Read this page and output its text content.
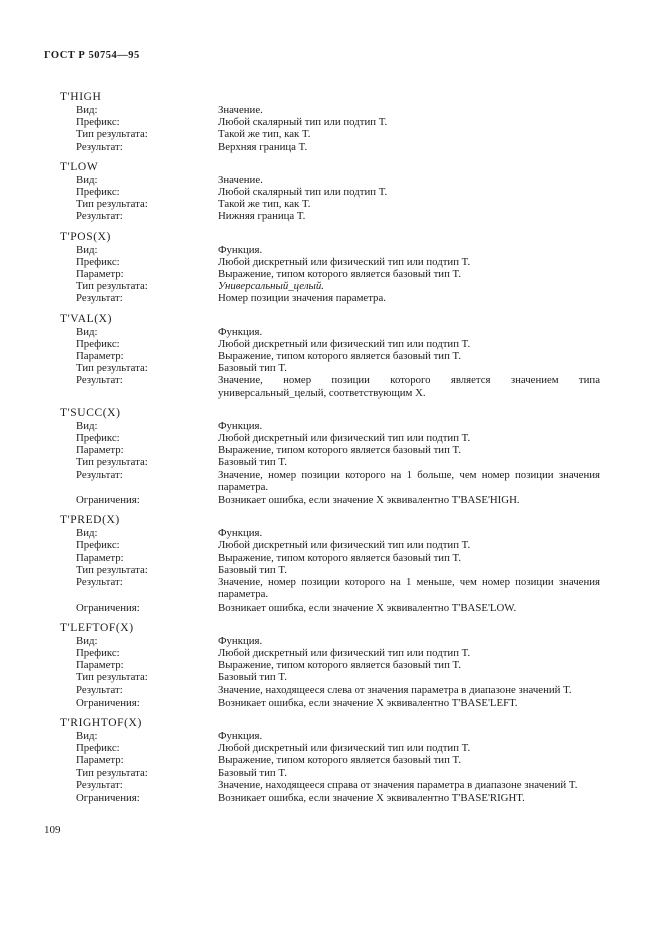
ГОСТ Р 50754—95
T'HIGH
Вид:	Значение.
Префикс:	Любой скалярный тип или подтип T.
Тип результата:	Такой же тип, как T.
Результат:	Верхняя граница T.
T'LOW
Вид:	Значение.
Префикс:	Любой скалярный тип или подтип T.
Тип результата:	Такой же тип, как T.
Результат:	Нижняя граница T.
T'POS(X)
Вид:	Функция.
Префикс:	Любой дискретный или физический тип или подтип T.
Параметр:	Выражение, типом которого является базовый тип T.
Тип результата:	Универсальный_целый.
Результат:	Номер позиции значения параметра.
T'VAL(X)
Вид:	Функция.
Префикс:	Любой дискретный или физический тип или подтип T.
Параметр:	Выражение, типом которого является базовый тип T.
Тип результата:	Базовый тип T.
Результат:	Значение, номер позиции которого является значением типа универсальный_целый, соответствующим X.
T'SUCC(X)
Вид:	Функция.
Префикс:	Любой дискретный или физический тип или подтип T.
Параметр:	Выражение, типом которого является базовый тип T.
Тип результата:	Базовый тип T.
Результат:	Значение, номер позиции которого на 1 больше, чем номер позиции значения параметра.
Ограничения:	Возникает ошибка, если значение X эквивалентно T'BASE'HIGH.
T'PRED(X)
Вид:	Функция.
Префикс:	Любой дискретный или физический тип или подтип T.
Параметр:	Выражение, типом которого является базовый тип T.
Тип результата:	Базовый тип T.
Результат:	Значение, номер позиции которого на 1 меньше, чем номер позиции значения параметра.
Ограничения:	Возникает ошибка, если значение X эквивалентно T'BASE'LOW.
T'LEFTOF(X)
Вид:	Функция.
Префикс:	Любой дискретный или физический тип или подтип T.
Параметр:	Выражение, типом которого является базовый тип T.
Тип результата:	Базовый тип T.
Результат:	Значение, находящееся слева от значения параметра в диапазоне значений T.
Ограничения:	Возникает ошибка, если значение X эквивалентно T'BASE'LEFT.
T'RIGHTOF(X)
Вид:	Функция.
Префикс:	Любой дискретный или физический тип или подтип T.
Параметр:	Выражение, типом которого является базовый тип T.
Тип результата:	Базовый тип T.
Результат:	Значение, находящееся справа от значения параметра в диапазоне значений T.
Ограничения:	Возникает ошибка, если значение X эквивалентно T'BASE'RIGHT.
109
